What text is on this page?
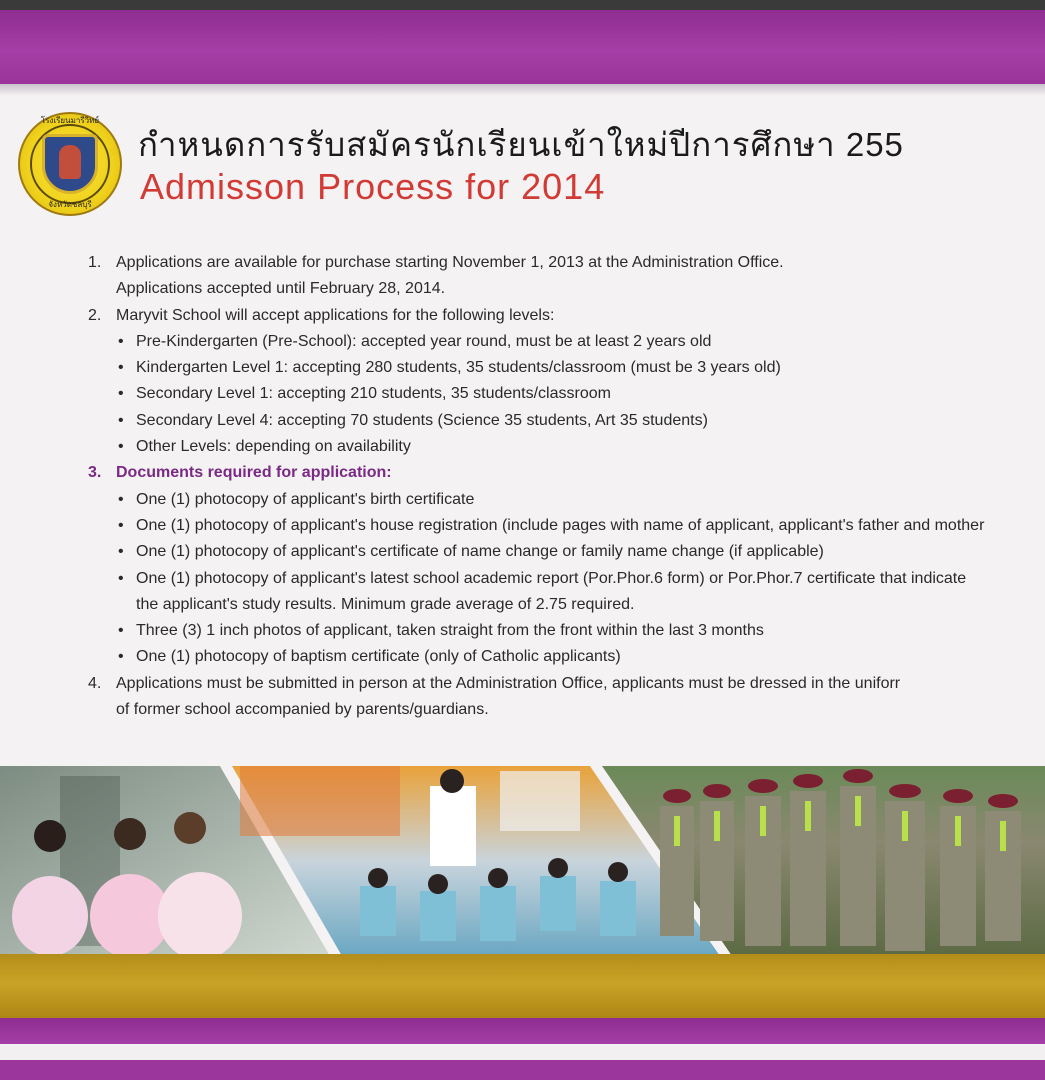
โรงเรียนมารีวิทย์
จังหวัดชลบุรี
☆ กำหนดการรับสมัครนักเรียนเข้าใหม่ปีการศึกษา 255
Admisson Process for 2014
1. Applications are available for purchase starting November 1, 2013 at the Administration Office.
Applications accepted until February 28, 2014.
2. Maryvit School will accept applications for the following levels:
• Pre-Kindergarten (Pre-School): accepted year round, must be at least 2 years old
• Kindergarten Level 1: accepting 280 students, 35 students/classroom (must be 3 years old)
• Secondary Level 1: accepting 210 students, 35 students/classroom
• Secondary Level 4: accepting 70 students (Science 35 students, Art 35 students)
• Other Levels: depending on availability
3. Documents required for application:
• One (1) photocopy of applicant's birth certificate
• One (1) photocopy of applicant's house registration (include pages with name of applicant, applicant's father and mother
• One (1) photocopy of applicant's certificate of name change or family name change (if applicable)
• One (1) photocopy of applicant's latest school academic report (Por.Phor.6 form) or Por.Phor.7 certificate that indicate
the applicant's study results. Minimum grade average of 2.75 required.
• Three (3) 1 inch photos of applicant, taken straight from the front within the last 3 months
• One (1) photocopy of baptism certificate (only of Catholic applicants)
4. Applications must be submitted in person at the Administration Office, applicants must be dressed in the uniforr
of former school accompanied by parents/guardians.
